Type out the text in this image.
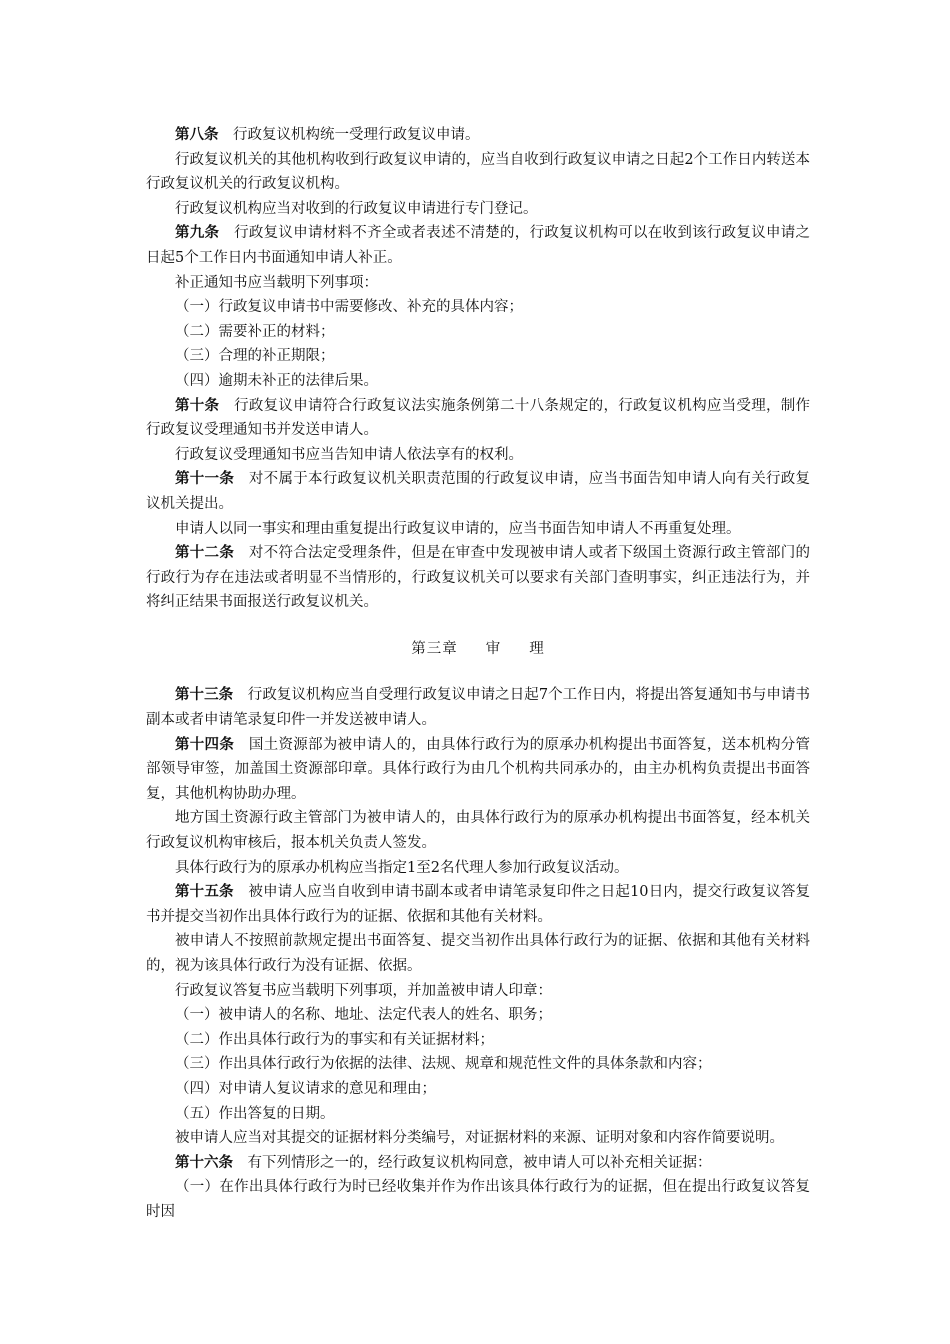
第八条　 行政复议机构统一受理行政复议申请。

行政复议机关的其他机构收到行政复议申请的，应当自收到行政复议申请之日起2个工作日内转送本行政复议机关的行政复议机构。

行政复议机构应当对收到的行政复议申请进行专门登记。

第九条　 行政复议申请材料不齐全或者表述不清楚的，行政复议机构可以在收到该行政复议申请之日起5个工作日内书面通知申请人补正。

补正通知书应当载明下列事项：

（一）行政复议申请书中需要修改、补充的具体内容；

（二）需要补正的材料；

（三）合理的补正期限；

（四）逾期未补正的法律后果。

第十条　 行政复议申请符合行政复议法实施条例第二十八条规定的，行政复议机构应当受理，制作行政复议受理通知书并发送申请人。

行政复议受理通知书应当告知申请人依法享有的权利。

第十一条　 对不属于本行政复议机关职责范围的行政复议申请，应当书面告知申请人向有关行政复议机关提出。

申请人以同一事实和理由重复提出行政复议申请的，应当书面告知申请人不再重复处理。

第十二条　 对不符合法定受理条件，但是在审查中发现被申请人或者下级国土资源行政主管部门的行政行为存在违法或者明显不当情形的，行政复议机关可以要求有关部门查明事实，纠正违法行为，并将纠正结果书面报送行政复议机关。

第三章 审 理

第十三条　 行政复议机构应当自受理行政复议申请之日起7个工作日内，将提出答复通知书与申请书副本或者申请笔录复印件一并发送被申请人。

第十四条　 国土资源部为被申请人的，由具体行政行为的原承办机构提出书面答复，送本机构分管部领导审签，加盖国土资源部印章。具体行政行为由几个机构共同承办的，由主办机构负责提出书面答复，其他机构协助办理。

地方国土资源行政主管部门为被申请人的，由具体行政行为的原承办机构提出书面答复，经本机关行政复议机构审核后，报本机关负责人签发。

具体行政行为的原承办机构应当指定1至2名代理人参加行政复议活动。

第十五条　 被申请人应当自收到申请书副本或者申请笔录复印件之日起10日内，提交行政复议答复书并提交当初作出具体行政行为的证据、依据和其他有关材料。

被申请人不按照前款规定提出书面答复、提交当初作出具体行政行为的证据、依据和其他有关材料的，视为该具体行政行为没有证据、依据。

行政复议答复书应当载明下列事项，并加盖被申请人印章：

（一）被申请人的名称、地址、法定代表人的姓名、职务；

（二）作出具体行政行为的事实和有关证据材料；

（三）作出具体行政行为依据的法律、法规、规章和规范性文件的具体条款和内容；

（四）对申请人复议请求的意见和理由；

（五）作出答复的日期。

被申请人应当对其提交的证据材料分类编号，对证据材料的来源、证明对象和内容作简要说明。

第十六条　 有下列情形之一的，经行政复议机构同意，被申请人可以补充相关证据：

（一）在作出具体行政行为时已经收集并作为作出该具体行政行为的证据，但在提出行政复议答复时因
